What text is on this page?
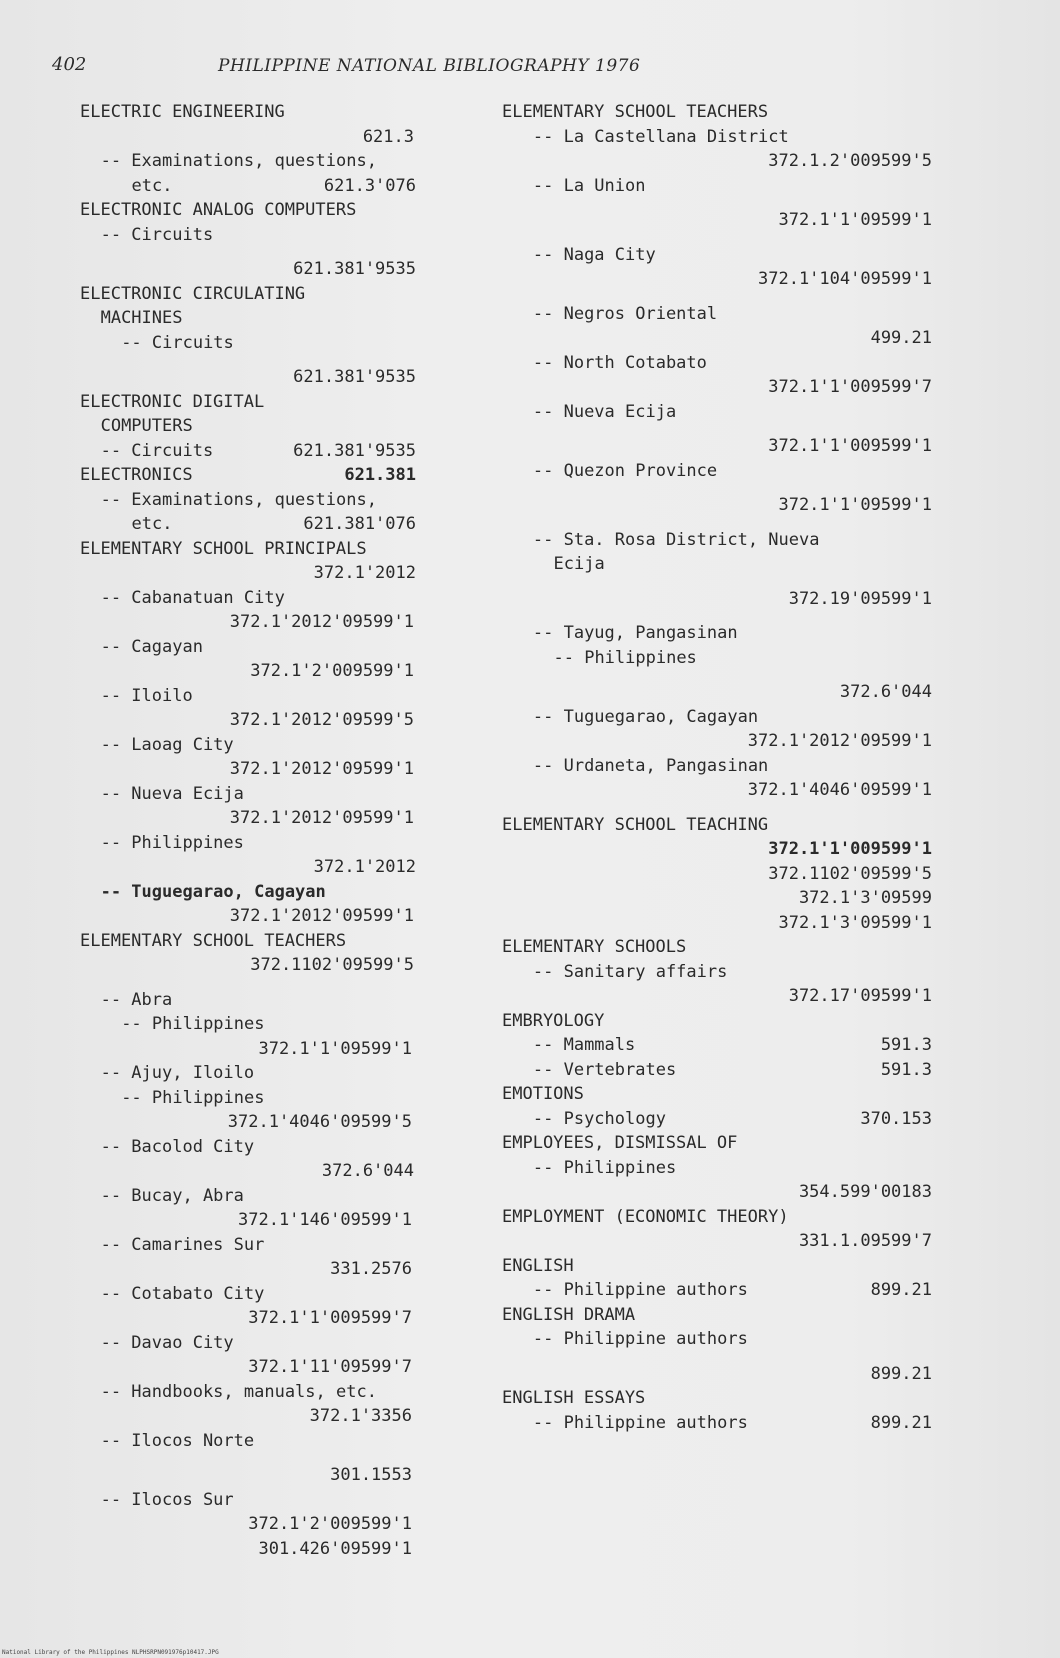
402	PHILIPPINE NATIONAL BIBLIOGRAPHY 1976
ELECTRIC ENGINEERING
621.3
-- Examinations, questions,
etc.	621.3'076
ELECTRONIC ANALOG COMPUTERS
-- Circuits
621.381'9535
ELECTRONIC CIRCULATING
MACHINES
-- Circuits
621.381'9535
ELECTRONIC DIGITAL
COMPUTERS
-- Circuits	621.381'9535
ELECTRONICS	621.381
-- Examinations, questions,
etc.	621.381'076
ELEMENTARY SCHOOL PRINCIPALS
372.1'2012
-- Cabanatuan City
372.1'2012'09599'1
-- Cagayan
372.1'2'009599'1
-- Iloilo
372.1'2012'09599'5
-- Laoag City
372.1'2012'09599'1
-- Nueva Ecija
372.1'2012'09599'1
-- Philippines
372.1'2012
-- Tuguegarao, Cagayan
372.1'2012'09599'1
ELEMENTARY SCHOOL TEACHERS
372.1102'09599'5
-- Abra
-- Philippines
372.1'1'09599'1
-- Ajuy, Iloilo
-- Philippines
372.1'4046'09599'5
-- Bacolod City
372.6'044
-- Bucay, Abra
372.1'146'09599'1
-- Camarines Sur
331.2576
-- Cotabato City
372.1'1'009599'7
-- Davao City
372.1'11'09599'7
-- Handbooks, manuals, etc.
372.1'3356
-- Ilocos Norte
301.1553
-- Ilocos Sur
372.1'2'009599'1
301.426'09599'1
ELEMENTARY SCHOOL TEACHERS
-- La Castellana District
372.1.2'009599'5
-- La Union
372.1'1'09599'1
-- Naga City
372.1'104'09599'1
-- Negros Oriental
499.21
-- North Cotabato
372.1'1'009599'7
-- Nueva Ecija
372.1'1'009599'1
-- Quezon Province
372.1'1'09599'1
-- Sta. Rosa District, Nueva
Ecija
372.19'09599'1
-- Tayug, Pangasinan
-- Philippines
372.6'044
-- Tuguegarao, Cagayan
372.1'2012'09599'1
-- Urdaneta, Pangasinan
372.1'4046'09599'1
ELEMENTARY SCHOOL TEACHING
372.1'1'009599'1
372.1102'09599'5
372.1'3'09599
372.1'3'09599'1
ELEMENTARY SCHOOLS
-- Sanitary affairs
372.17'09599'1
EMBRYOLOGY
-- Mammals	591.3
-- Vertebrates	591.3
EMOTIONS
-- Psychology	370.153
EMPLOYEES, DISMISSAL OF
-- Philippines
354.599'00183
EMPLOYMENT (ECONOMIC THEORY)
331.1.09599'7
ENGLISH
-- Philippine authors	899.21
ENGLISH DRAMA
-- Philippine authors
899.21
ENGLISH ESSAYS
-- Philippine authors	899.21
National Library of the Philippines NLPHSRPN091976p10417.JPG
